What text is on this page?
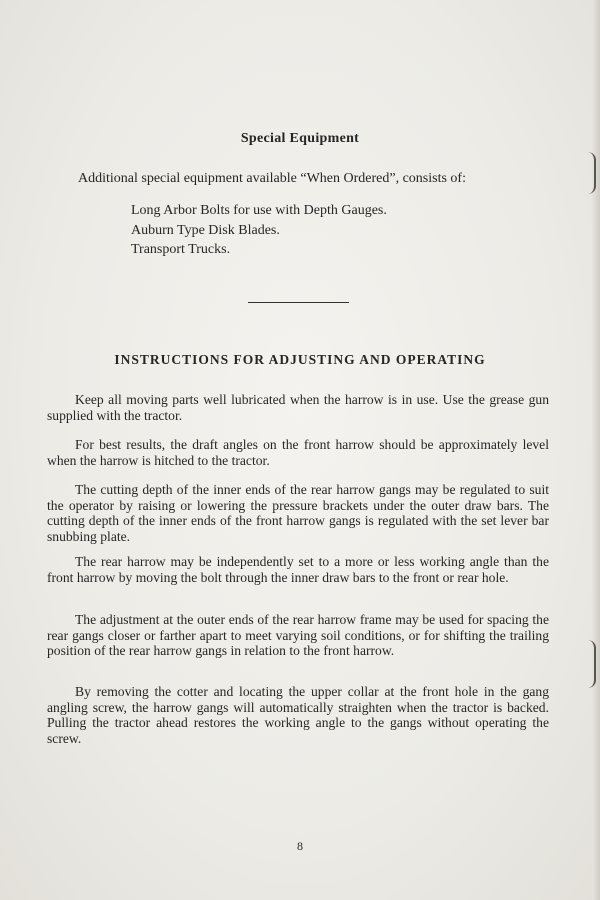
Special Equipment
Additional special equipment available “When Ordered”, consists of:
Long Arbor Bolts for use with Depth Gauges.
Auburn Type Disk Blades.
Transport Trucks.
INSTRUCTIONS FOR ADJUSTING AND OPERATING

Keep all moving parts well lubricated when the harrow is in use. Use the grease gun supplied with the tractor.

For best results, the draft angles on the front harrow should be approximately level when the harrow is hitched to the tractor.

The cutting depth of the inner ends of the rear harrow gangs may be regulated to suit the operator by raising or lowering the pressure brackets under the outer draw bars. The cutting depth of the inner ends of the front harrow gangs is regulated with the set lever bar snubbing plate.

The rear harrow may be independently set to a more or less working angle than the front harrow by moving the bolt through the inner draw bars to the front or rear hole.

The adjustment at the outer ends of the rear harrow frame may be used for spacing the rear gangs closer or farther apart to meet varying soil conditions, or for shifting the trailing position of the rear harrow gangs in relation to the front harrow.

By removing the cotter and locating the upper collar at the front hole in the gang angling screw, the harrow gangs will automatically straighten when the tractor is backed. Pulling the tractor ahead restores the working angle to the gangs without operating the screw.

8
